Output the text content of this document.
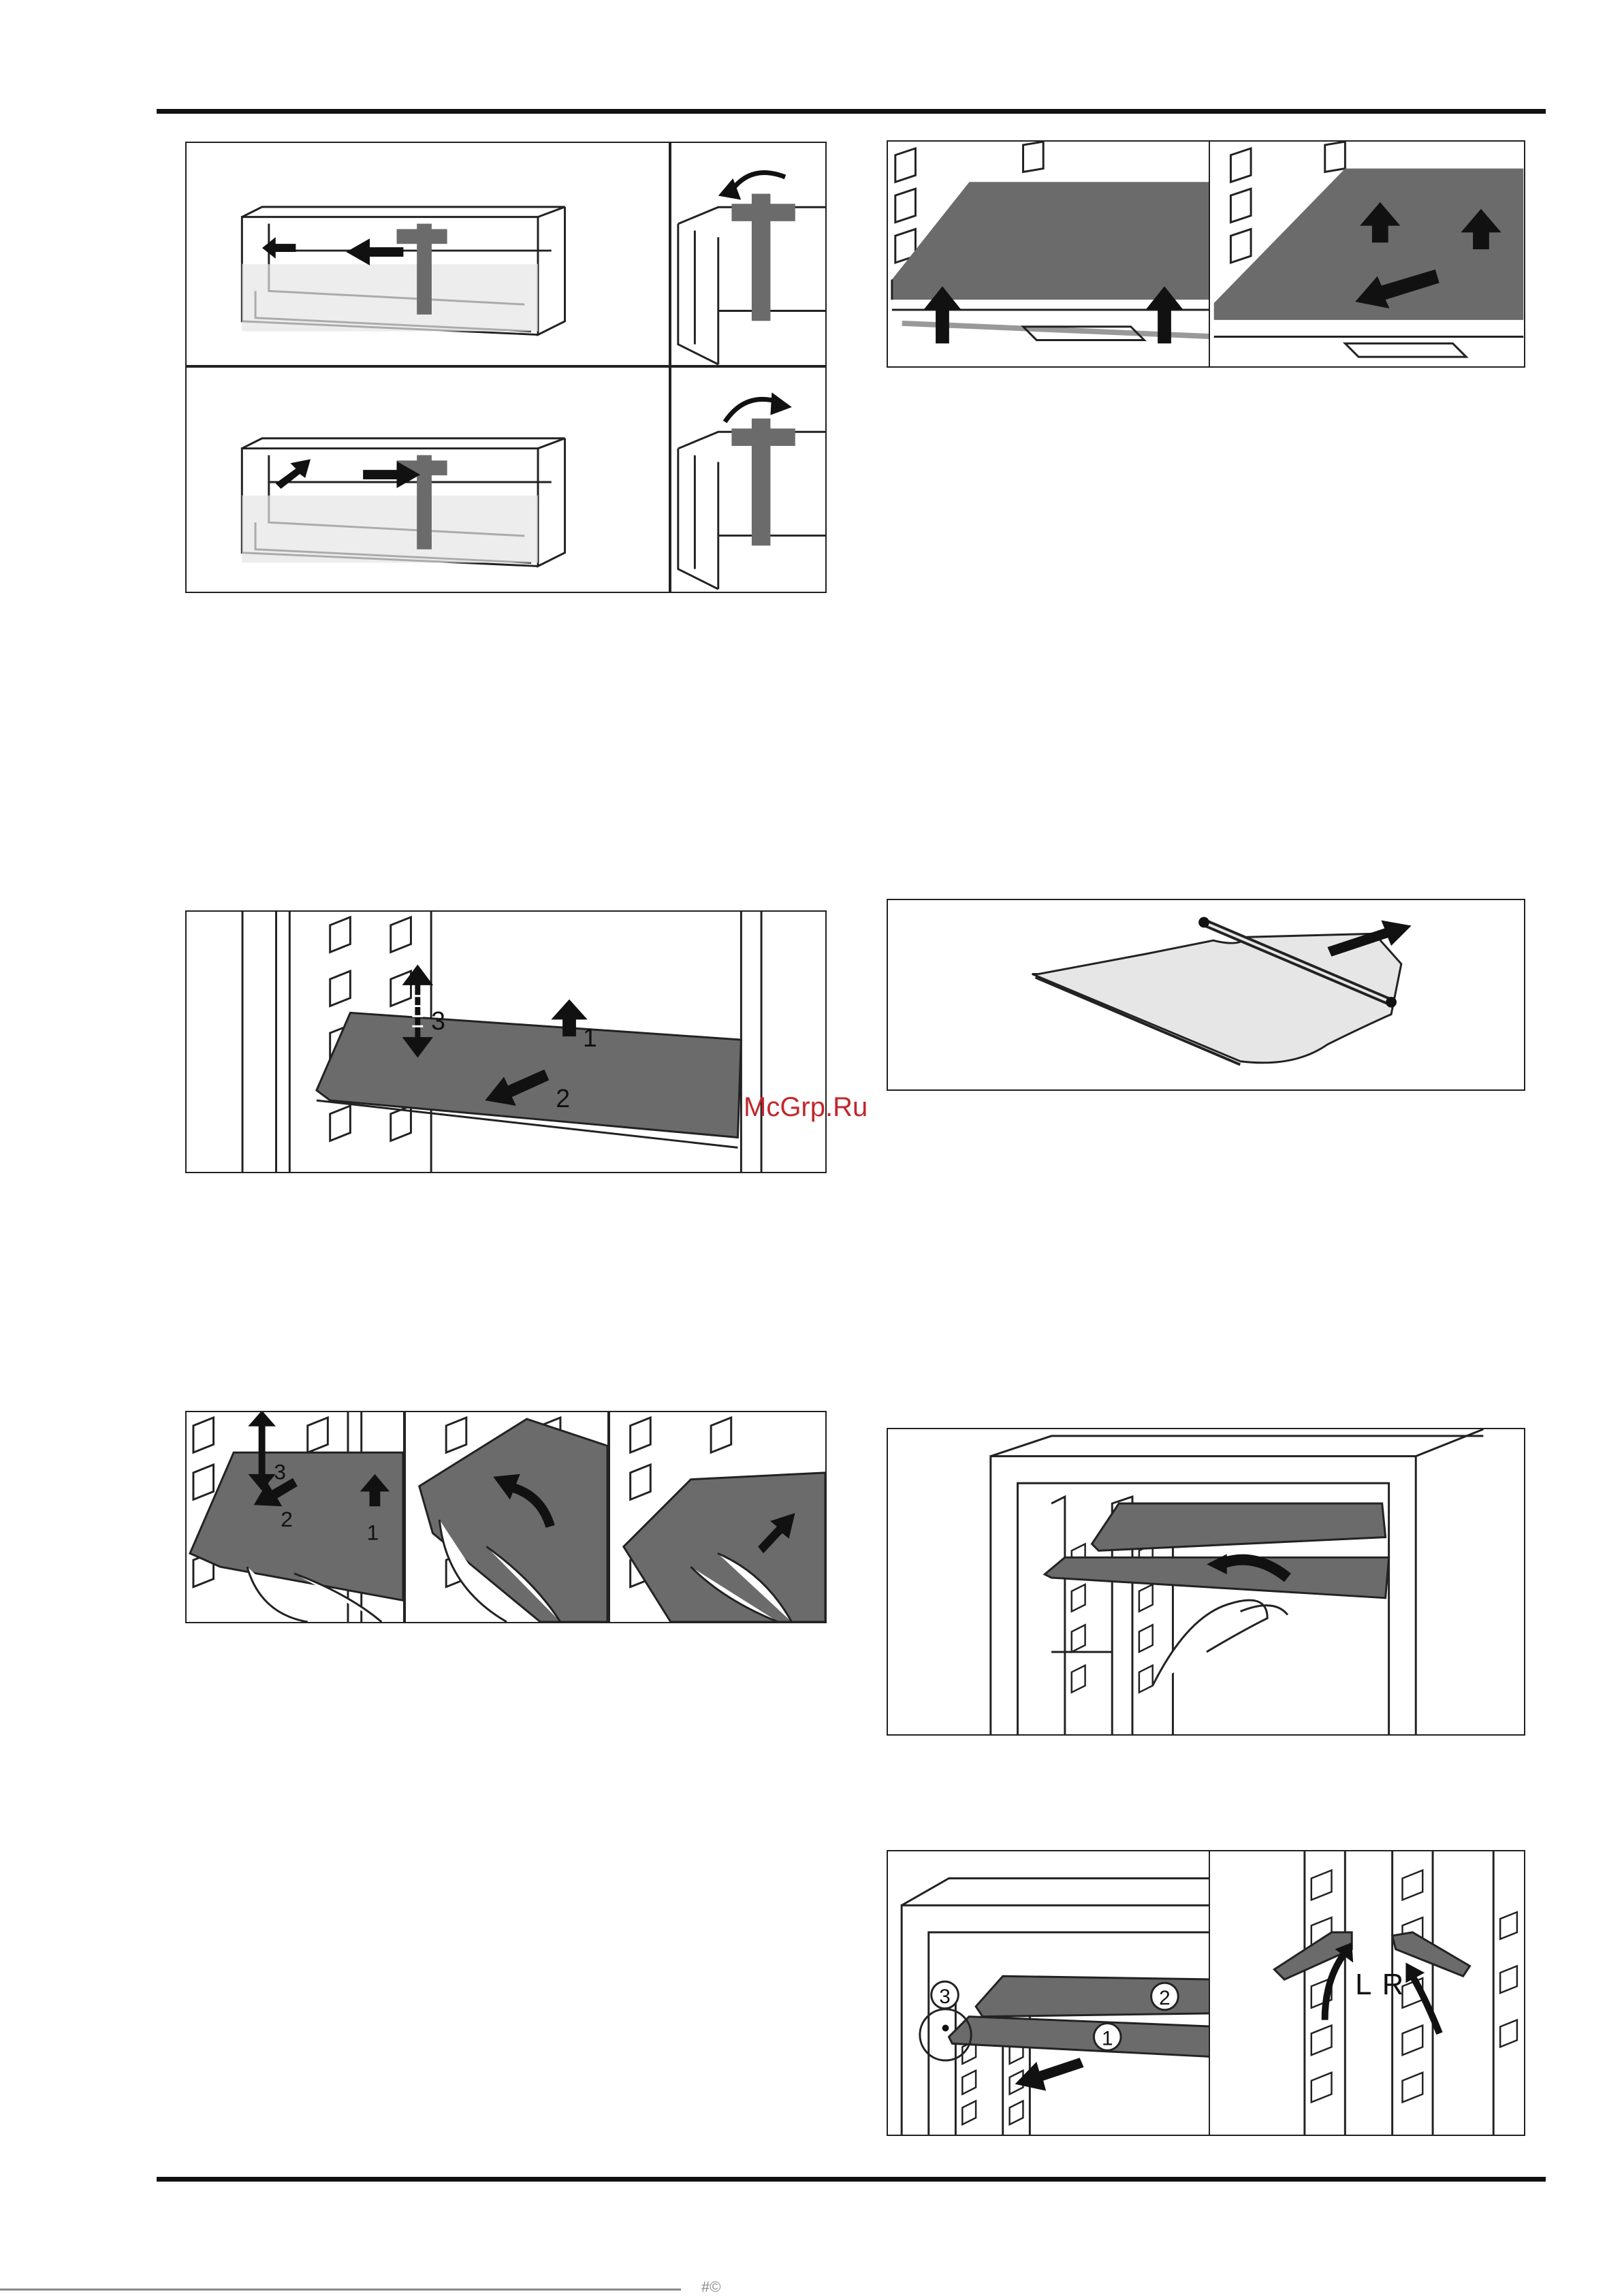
3
1
2	McGrp.Ru
3
2
1
3	2
1
L R
#©
